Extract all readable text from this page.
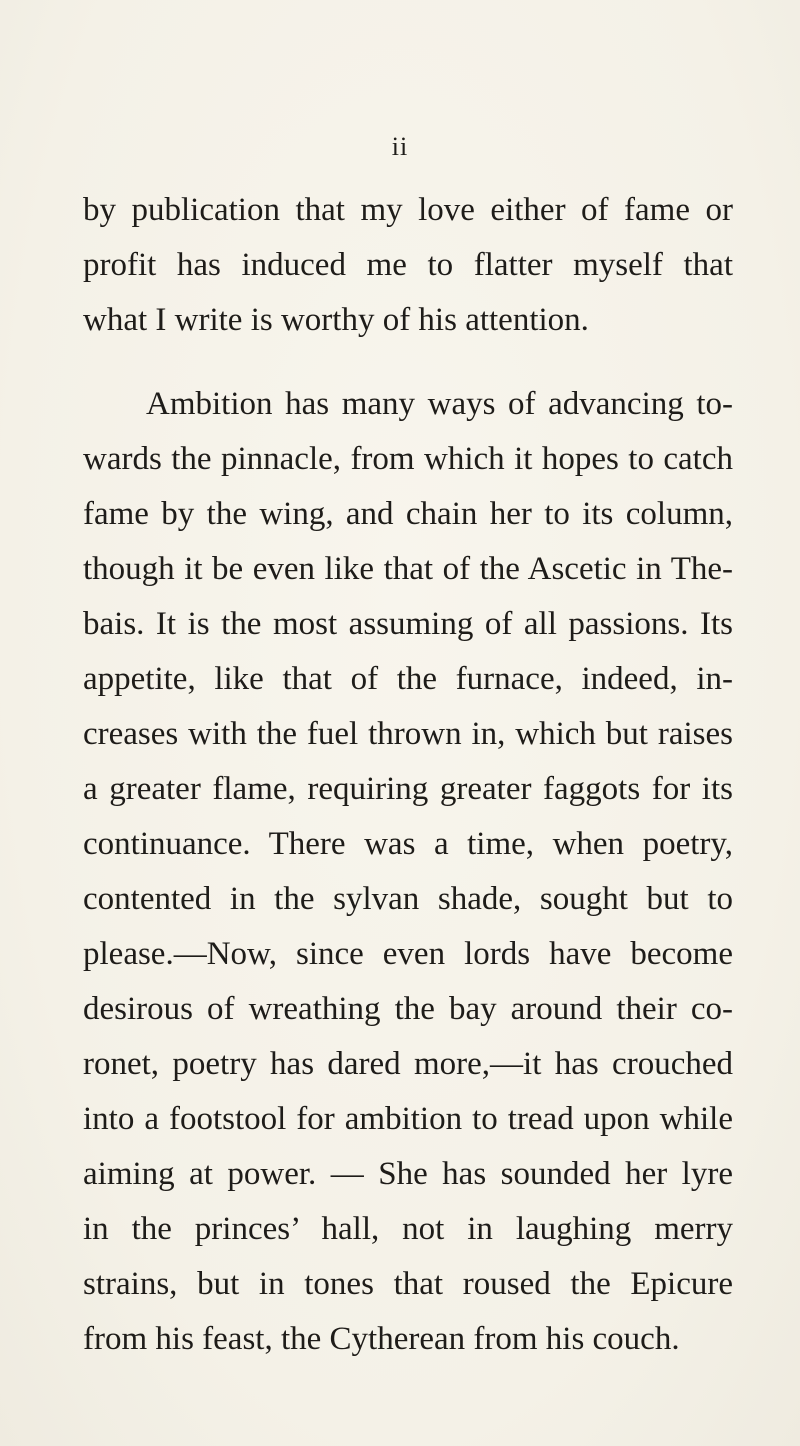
ii
by publication that my love either of fame or
profit has induced me to flatter myself that
what I write is worthy of his attention.
Ambition has many ways of advancing to-
wards the pinnacle, from which it hopes to catch
fame by the wing, and chain her to its column,
though it be even like that of the Ascetic in The-
bais. It is the most assuming of all passions. Its
appetite, like that of the furnace, indeed, in-
creases with the fuel thrown in, which but raises
a greater flame, requiring greater faggots for its
continuance. There was a time, when poetry,
contented in the sylvan shade, sought but to
please.—Now, since even lords have become
desirous of wreathing the bay around their co-
ronet, poetry has dared more,—it has crouched
into a footstool for ambition to tread upon while
aiming at power. — She has sounded her lyre
in the princes’ hall, not in laughing merry
strains, but in tones that roused the Epicure
from his feast, the Cytherean from his couch.
